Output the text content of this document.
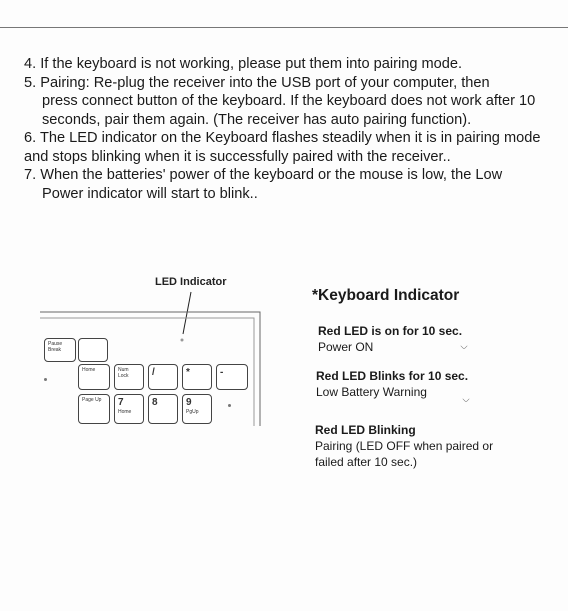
4. If the keyboard is not working, please put them into pairing mode.

5. Pairing: Re-plug the receiver into the USB port of your computer, then

press connect button of the keyboard. If the keyboard does not work after 10 seconds, pair them again. (The receiver has auto pairing function).

6. The LED indicator on the Keyboard flashes steadily when it is in pairing mode and stops blinking when it is successfully paired with the receiver..

7. When the batteries' power of the keyboard or the mouse is low, the Low

Power indicator will start to blink..

LED Indicator
Pause Break
Home	Num Lock	/	*	-
Page Up	7
Home
8	9
PgUp
*Keyboard Indicator
Red LED is on for 10 sec.
Power ON	⸌⸍
Red LED Blinks for 10 sec.
Low Battery Warning
⸌⸍
Red LED Blinking
Pairing (LED OFF when paired or failed after 10 sec.)
